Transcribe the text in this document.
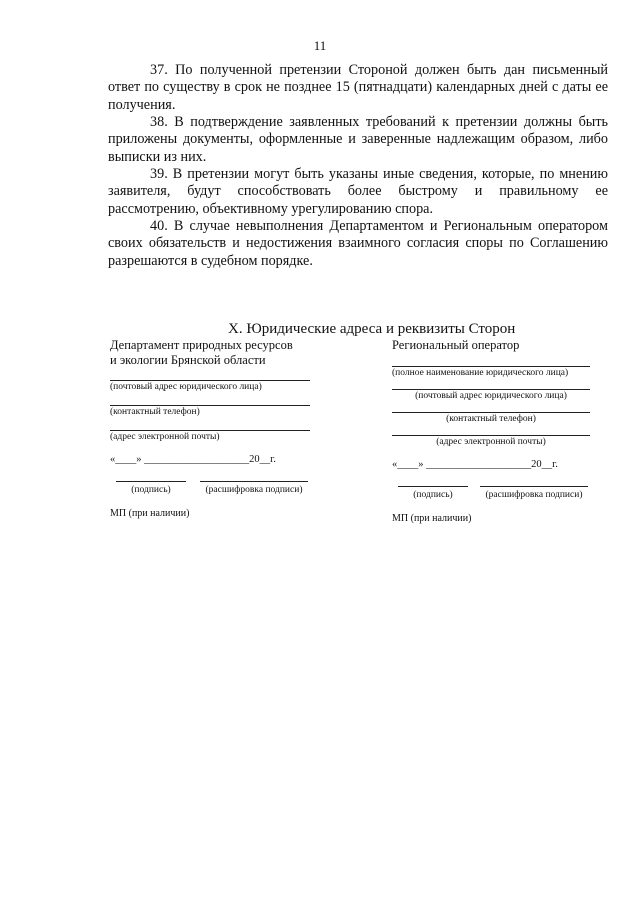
11

37. По полученной претензии Стороной должен быть дан письменный ответ по существу в срок не позднее 15 (пятнадцати) календарных дней с даты ее получения.

38. В подтверждение заявленных требований к претензии должны быть приложены документы, оформленные и заверенные надлежащим образом, либо выписки из них.

39. В претензии могут быть указаны иные сведения, которые, по мнению заявителя, будут способствовать более быстрому и правильному ее рассмотрению, объективному урегулированию спора.

40. В случае невыполнения Департаментом и Региональным оператором своих обязательств и недостижения взаимного согласия споры по Соглашению разрешаются в судебном порядке.

X. Юридические адреса и реквизиты Сторон
Департамент природных ресурсов
и экологии Брянской области
(почтовый адрес юридического лица)
(контактный телефон)
(адрес электронной почты)
«____» ____________________20__г.
(подпись)	(расшифровка подписи)
МП (при наличии)
Региональный оператор
(полное наименование юридического лица)
(почтовый адрес юридического лица)
(контактный телефон)
(адрес электронной почты)
«____» ____________________20__г.
(подпись)	(расшифровка подписи)
МП (при наличии)
